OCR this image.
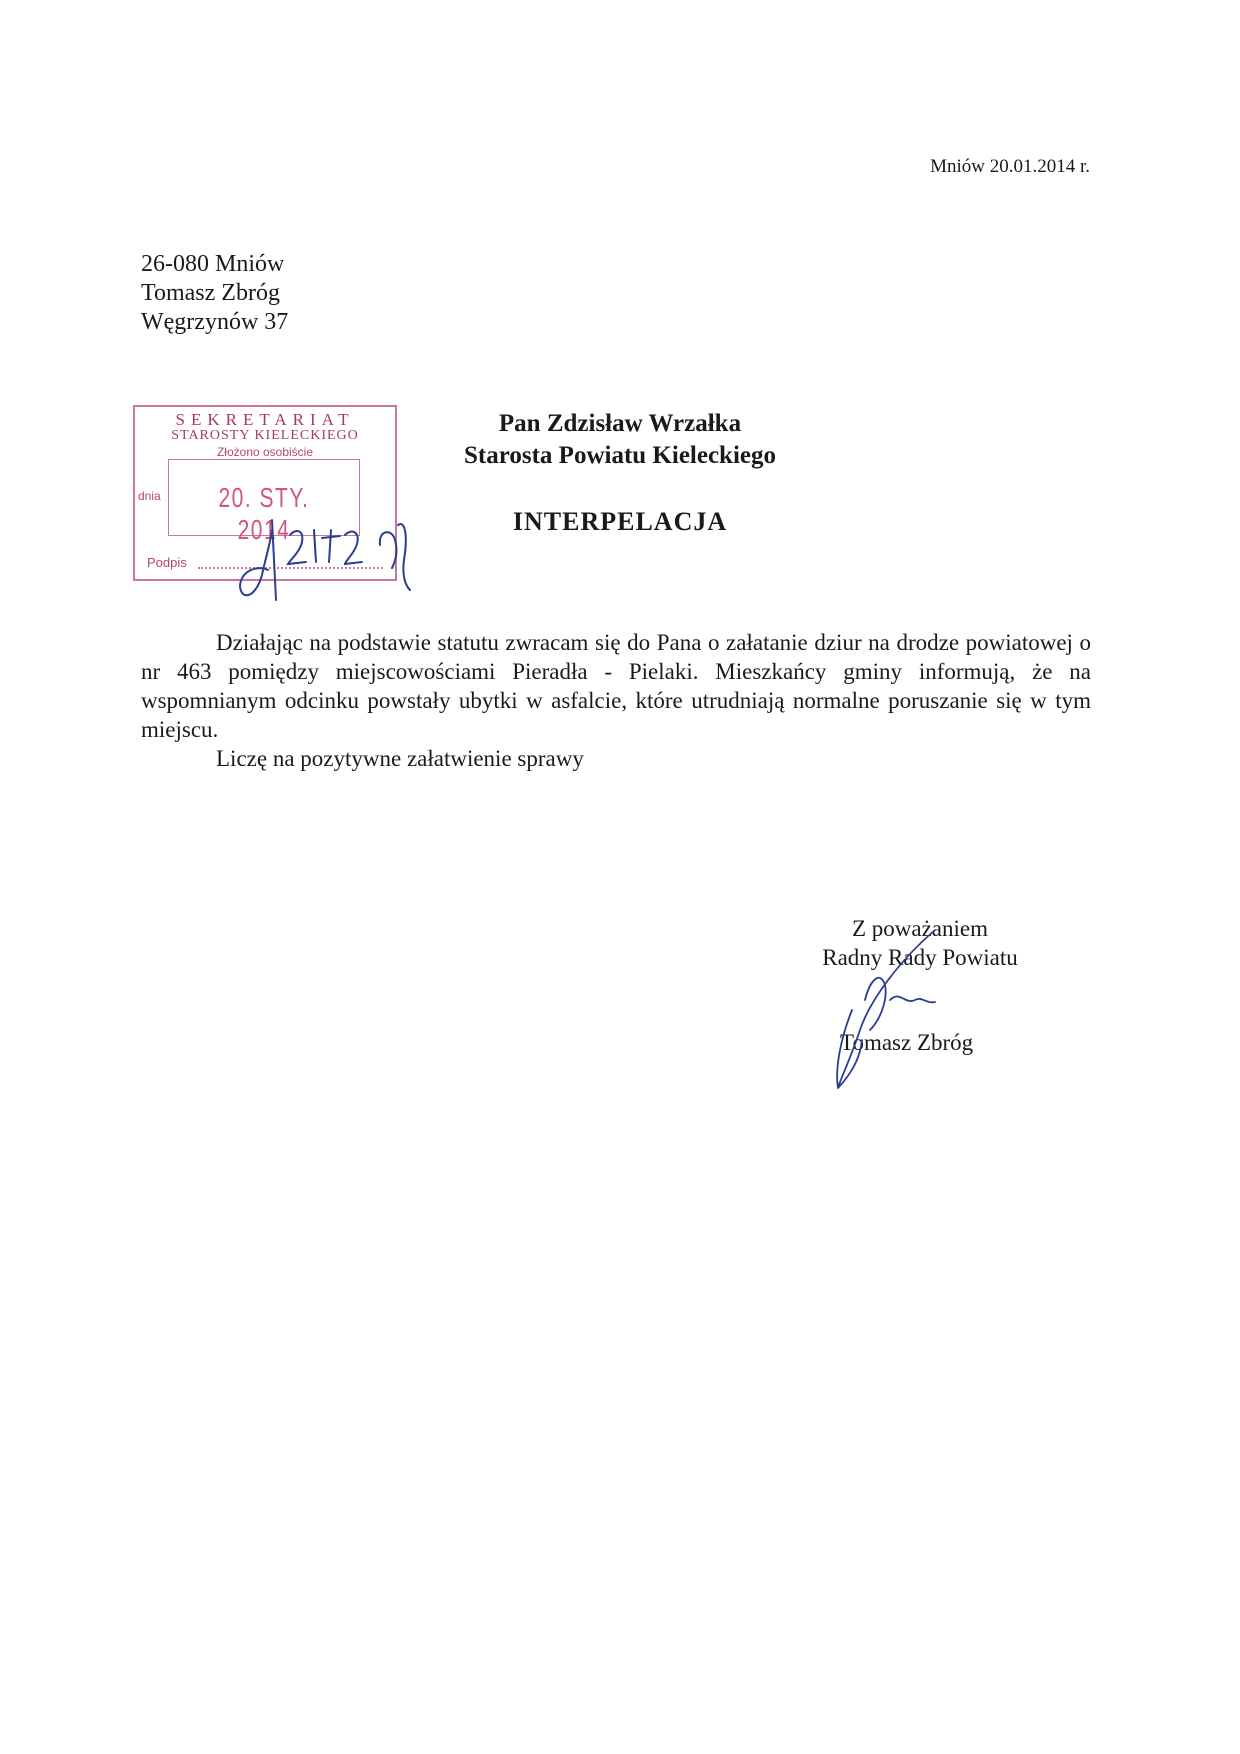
Mniów 20.01.2014 r.
26-080 Mniów
Tomasz Zbróg
Węgrzynów 37
SEKRETARIAT
STAROSTY KIELECKIEGO
Złożono osobiście
dnia	20. STY. 2014
Podpis
Pan Zdzisław Wrzałka
Starosta Powiatu Kieleckiego
INTERPELACJA

Działając na podstawie statutu zwracam się do Pana o załatanie dziur na drodze powiatowej o nr 463 pomiędzy miejscowościami Pieradła - Pielaki. Mieszkańcy gminy informują, że na wspomnianym odcinku powstały ubytki w asfalcie, które utrudniają normalne poruszanie się w tym miejscu.

Liczę na pozytywne załatwienie sprawy

Z poważaniem
Radny Rady Powiatu
Tomasz Zbróg
